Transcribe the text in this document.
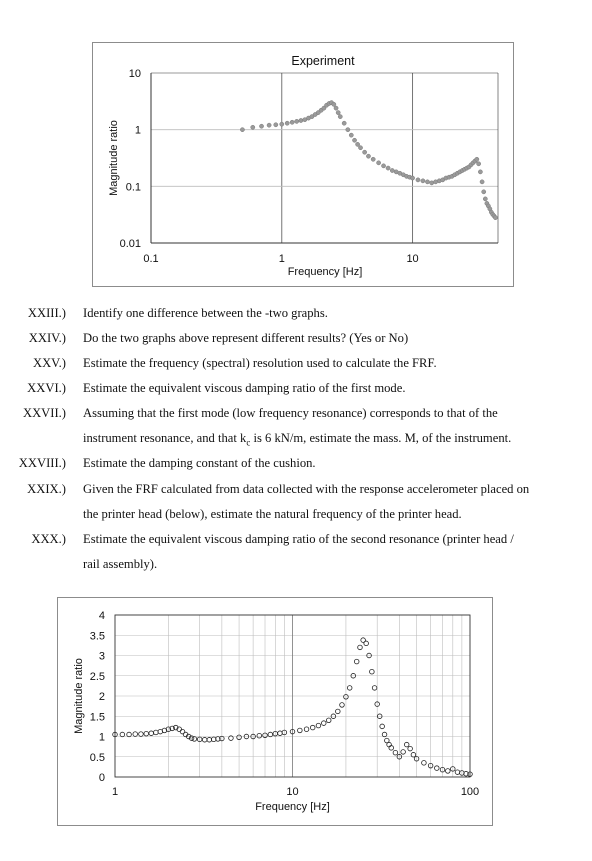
0.1	1	10
10
1
0.1
0.01
Experiment
Frequency [Hz]
Magnitude ratio
XXIII.) Identify one difference between the -two graphs.
XXIV.) Do the two graphs above represent different results? (Yes or No)
XXV.) Estimate the frequency (spectral) resolution used to calculate the FRF.
XXVI.) Estimate the equivalent viscous damping ratio of the first mode.
XXVII.) Assuming that the first mode (low frequency resonance) corresponds to that of the
instrument resonance, and that $k_c$ is 6 kN/m, estimate the mass. M, of the instrument.
XXVIII.) Estimate the damping constant of the cushion.
XXIX.) Given the FRF calculated from data collected with the response accelerometer placed on
the printer head (below), estimate the natural frequency of the printer head.
XXX.) Estimate the equivalent viscous damping ratio of the second resonance (printer head /
rail assembly).
1	10	100
4
3.5
3
2.5
2
1.5
1
0.5
0
Frequency [Hz]
Magnitude ratio
